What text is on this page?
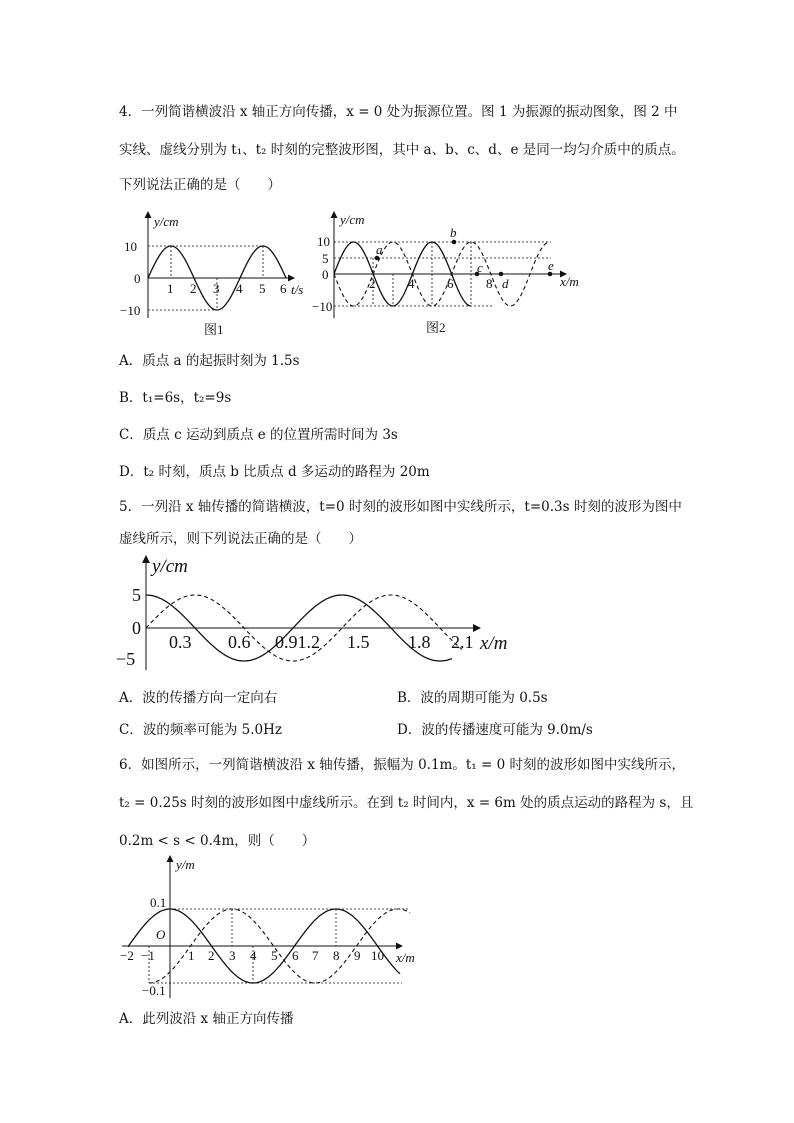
4．一列简谐横波沿 x 轴正方向传播，x = 0 处为振源位置。图 1 为振源的振动图象，图 2 中
实线、虚线分别为 t₁、t₂ 时刻的完整波形图，其中 a、b、c、d、e 是同一均匀介质中的质点。
下列说法正确的是（　　）
y/cm
t/s
10
0
−10
1 2 3 4 5 6
图1
y/cm
x/m
10
5
0
−10
2	4	6	8
a
b
c
d
e
图2
A．质点 a 的起振时刻为 1.5s
B．t₁=6s，t₂=9s
C．质点 c 运动到质点 e 的位置所需时间为 3s
D．t₂ 时刻，质点 b 比质点 d 多运动的路程为 20m
5．一列沿 x 轴传播的简谐横波，t=0 时刻的波形如图中实线所示，t=0.3s 时刻的波形为图中
虚线所示，则下列说法正确的是（　　）
y/cm
x/m
5
0
−5
0.3 0.6 0.91.2 1.5 1.8 2.1
A．波的传播方向一定向右	B．波的周期可能为 0.5s
C．波的频率可能为 5.0Hz	D．波的传播速度可能为 9.0m/s
6．如图所示，一列简谐横波沿 x 轴传播，振幅为 0.1m。t₁ = 0 时刻的波形如图中实线所示，
t₂ = 0.25s 时刻的波形如图中虚线所示。在到 t₂ 时间内，x = 6m 处的质点运动的路程为 s，且
0.2m < s < 0.4m，则（　　）
y/m
x/m
O
0.1
−0.1
−2 −1	1 2 3 4 5 6 7 8 9 10
A．此列波沿 x 轴正方向传播
